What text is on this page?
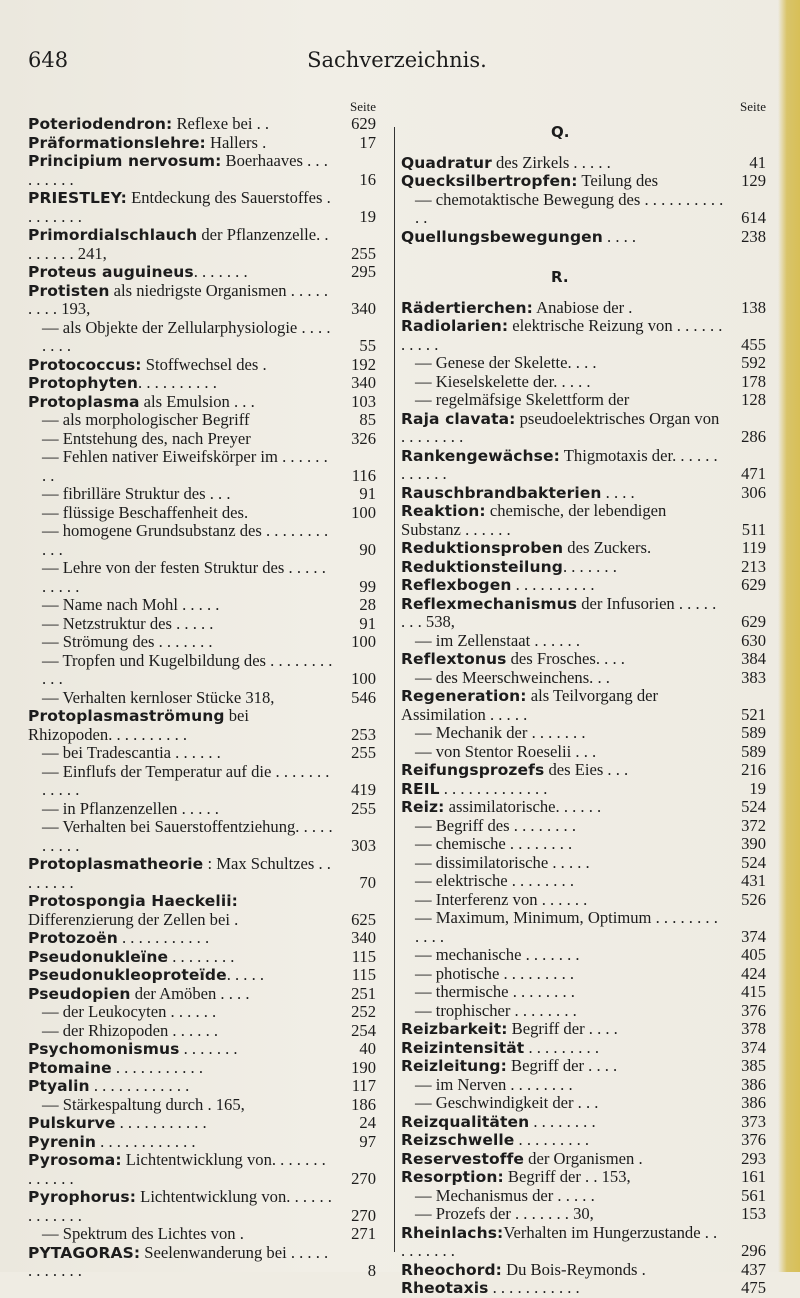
648	Sachverzeichnis.
Seite
Poteriodendron: Reflexe bei . .	629
Präformationslehre: Hallers .	17
Principium nervosum: Boerhaaves . . . . . . . . .	16
PRIESTLEY: Entdeckung des Sauerstoffes . . . . . . . .	19
Primordialschlauch der Pflanzenzelle. . . . . . . . 241,	255
Proteus auguineus. . . . . . .	295
Protisten als niedrigste Organismen . . . . . . . . . 193,	340
— als Objekte der Zellularphysiologie . . . . . . . .	55
Protococcus: Stoffwechsel des .	192
Protophyten. . . . . . . . . .	340
Protoplasma als Emulsion . . .	103
— als morphologischer Begriff	85
— Entstehung des, nach Preyer	326
— Fehlen nativer Eiweifskörper im . . . . . . . .	116
— fibrilläre Struktur des . . .	91
— flüssige Beschaffenheit des.	100
— homogene Grundsubstanz des . . . . . . . . . . .	90
— Lehre von der festen Struktur des . . . . . . . . . .	99
— Name nach Mohl . . . . .	28
— Netzstruktur des . . . . .	91
— Strömung des . . . . . . .	100
— Tropfen und Kugelbildung des . . . . . . . . . . .	100
— Verhalten kernloser Stücke 318,	546
Protoplasmaströmung bei Rhizopoden. . . . . . . . . .	253
— bei Tradescantia . . . . . .	255
— Einflufs der Temperatur auf die . . . . . . . . . . . .	419
— in Pflanzenzellen . . . . .	255
— Verhalten bei Sauerstoffentziehung. . . . . . . . . .	303
Protoplasmatheorie : Max Schultzes . . . . . . . .	70
Protospongia Haeckelii: Differenzierung der Zellen bei .	625
Protozoën . . . . . . . . . . .	340
Pseudonukleïne . . . . . . . .	115
Pseudonukleoproteïde. . . . .	115
Pseudopien der Amöben . . . .	251
— der Leukocyten . . . . . .	252
— der Rhizopoden . . . . . .	254
Psychomonismus . . . . . . .	40
Ptomaine . . . . . . . . . . .	190
Ptyalin . . . . . . . . . . . .	117
— Stärkespaltung durch . 165,	186
Pulskurve . . . . . . . . . . .	24
Pyrenin . . . . . . . . . . . .	97
Pyrosoma: Lichtentwicklung von. . . . . . . . . . . . .	270
Pyrophorus: Lichtentwicklung von. . . . . . . . . . . . .	270
— Spektrum des Lichtes von .	271
PYTAGORAS: Seelenwanderung bei . . . . . . . . . . . .	8
Seite
Q.
Quadratur des Zirkels . . . . .	41
Quecksilbertropfen: Teilung des	129
— chemotaktische Bewegung des . . . . . . . . . . . .	614
Quellungsbewegungen . . . .	238
R.
Rädertierchen: Anabiose der .	138
Radiolarien: elektrische Reizung von . . . . . . . . . . .	455
— Genese der Skelette. . . .	592
— Kieselskelette der. . . . .	178
— regelmäfsige Skelettform der	128
Raja clavata: pseudoelektrisches Organ von . . . . . . . .	286
Rankengewächse: Thigmotaxis der. . . . . . . . . . . .	471
Rauschbrandbakterien . . . .	306
Reaktion: chemische, der lebendigen Substanz . . . . . .	511
Reduktionsproben des Zuckers.	119
Reduktionsteilung. . . . . . .	213
Reflexbogen . . . . . . . . . .	629
Reflexmechanismus der Infusorien . . . . . . . . 538,	629
— im Zellenstaat . . . . . .	630
Reflextonus des Frosches. . . .	384
— des Meerschweinchens. . .	383
Regeneration: als Teilvorgang der Assimilation . . . . .	521
— Mechanik der . . . . . . .	589
— von Stentor Roeselii . . .	589
Reifungsprozefs des Eies . . .	216
REIL . . . . . . . . . . . . .	19
Reiz: assimilatorische. . . . . .	524
— Begriff des . . . . . . . .	372
— chemische . . . . . . . .	390
— dissimilatorische . . . . .	524
— elektrische . . . . . . . .	431
— Interferenz von . . . . . .	526
— Maximum, Minimum, Optimum . . . . . . . . . . . .	374
— mechanische . . . . . . .	405
— photische . . . . . . . . .	424
— thermische . . . . . . . .	415
— trophischer . . . . . . . .	376
Reizbarkeit: Begriff der . . . .	378
Reizintensität . . . . . . . . .	374
Reizleitung: Begriff der . . . .	385
— im Nerven . . . . . . . .	386
— Geschwindigkeit der . . .	386
Reizqualitäten . . . . . . . .	373
Reizschwelle . . . . . . . . .	376
Reservestoffe der Organismen .	293
Resorption: Begriff der . . 153,	161
— Mechanismus der . . . . .	561
— Prozefs der . . . . . . . 30,	153
Rheinlachs:Verhalten im Hungerzustande . . . . . . . . .	296
Rheochord: Du Bois-Reymonds .	437
Rheotaxis . . . . . . . . . . .	475
